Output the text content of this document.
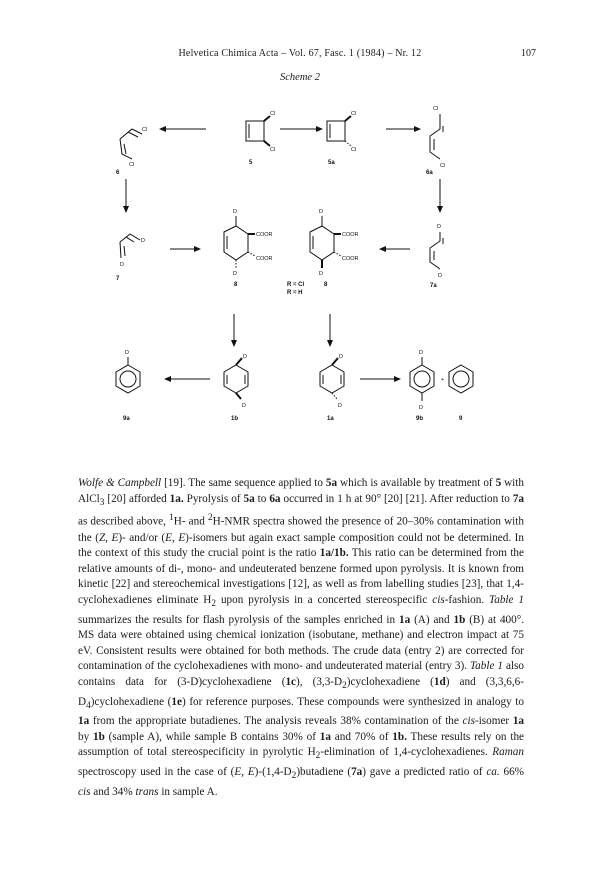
Helvetica Chimica Acta – Vol. 67, Fasc. 1 (1984) – Nr. 12	107
Scheme 2
Cl
Cl
6
Cl
Cl
5
Cl
Cl
5a
Cl
Cl
6a
D
D
7
D
COOR
COOR
D
8	R = Cl
R = H
D
COOR
COOR
D
8
D
D
7a
D
9a
D
D
1b
D
D
1a
D
D
9b
+
9

Wolfe & Campbell [19]. The same sequence applied to 5a which is available by treatment of 5 with AlCl$_3$ [20] afforded 1a. Pyrolysis of 5a to 6a occurred in 1 h at 90° [20] [21]. After reduction to 7a as described above, $^1$H- and $^2$H-NMR spectra showed the presence of 20–30% contamination with the (Z, E)- and/or (E, E)-isomers but again exact sample composition could not be determined. In the context of this study the crucial point is the ratio 1a/1b. This ratio can be determined from the relative amounts of di-, mono- and undeuterated benzene formed upon pyrolysis. It is known from kinetic [22] and stereochemical investigations [12], as well as from labelling studies [23], that 1,4-cyclohexadienes eliminate $H_2$ upon pyrolysis in a concerted stereospecific cis-fashion. Table 1 summarizes the results for flash pyrolysis of the samples enriched in 1a (A) and 1b (B) at 400°. MS data were obtained using chemical ionization (isobutane, methane) and electron impact at 75 eV. Consistent results were obtained for both methods. The crude data (entry 2) are corrected for contamination of the cyclohexadienes with mono- and undeuterated material (entry 3). Table 1 also contains data for (3-D)cyclohexadiene (1c), $(3,3-D_2)cyclohexadiene$ (1d) and $(3,3,6,6-D_4)cyclohexadiene$ (1e) for reference purposes. These compounds were synthesized in analogy to 1a from the appropriate butadienes. The analysis reveals 38% contamination of the cis-isomer 1a by 1b (sample A), while sample B contains 30% of 1a and 70% of 1b. These results rely on the assumption of total stereospecificity in pyrolytic $H_2$-elimination of 1,4-cyclohexadienes. Raman spectroscopy used in the case of (E, $E)-(1,4-D_2)butadiene$ (7a) gave a predicted ratio of ca. 66% cis and 34% trans in sample A.
